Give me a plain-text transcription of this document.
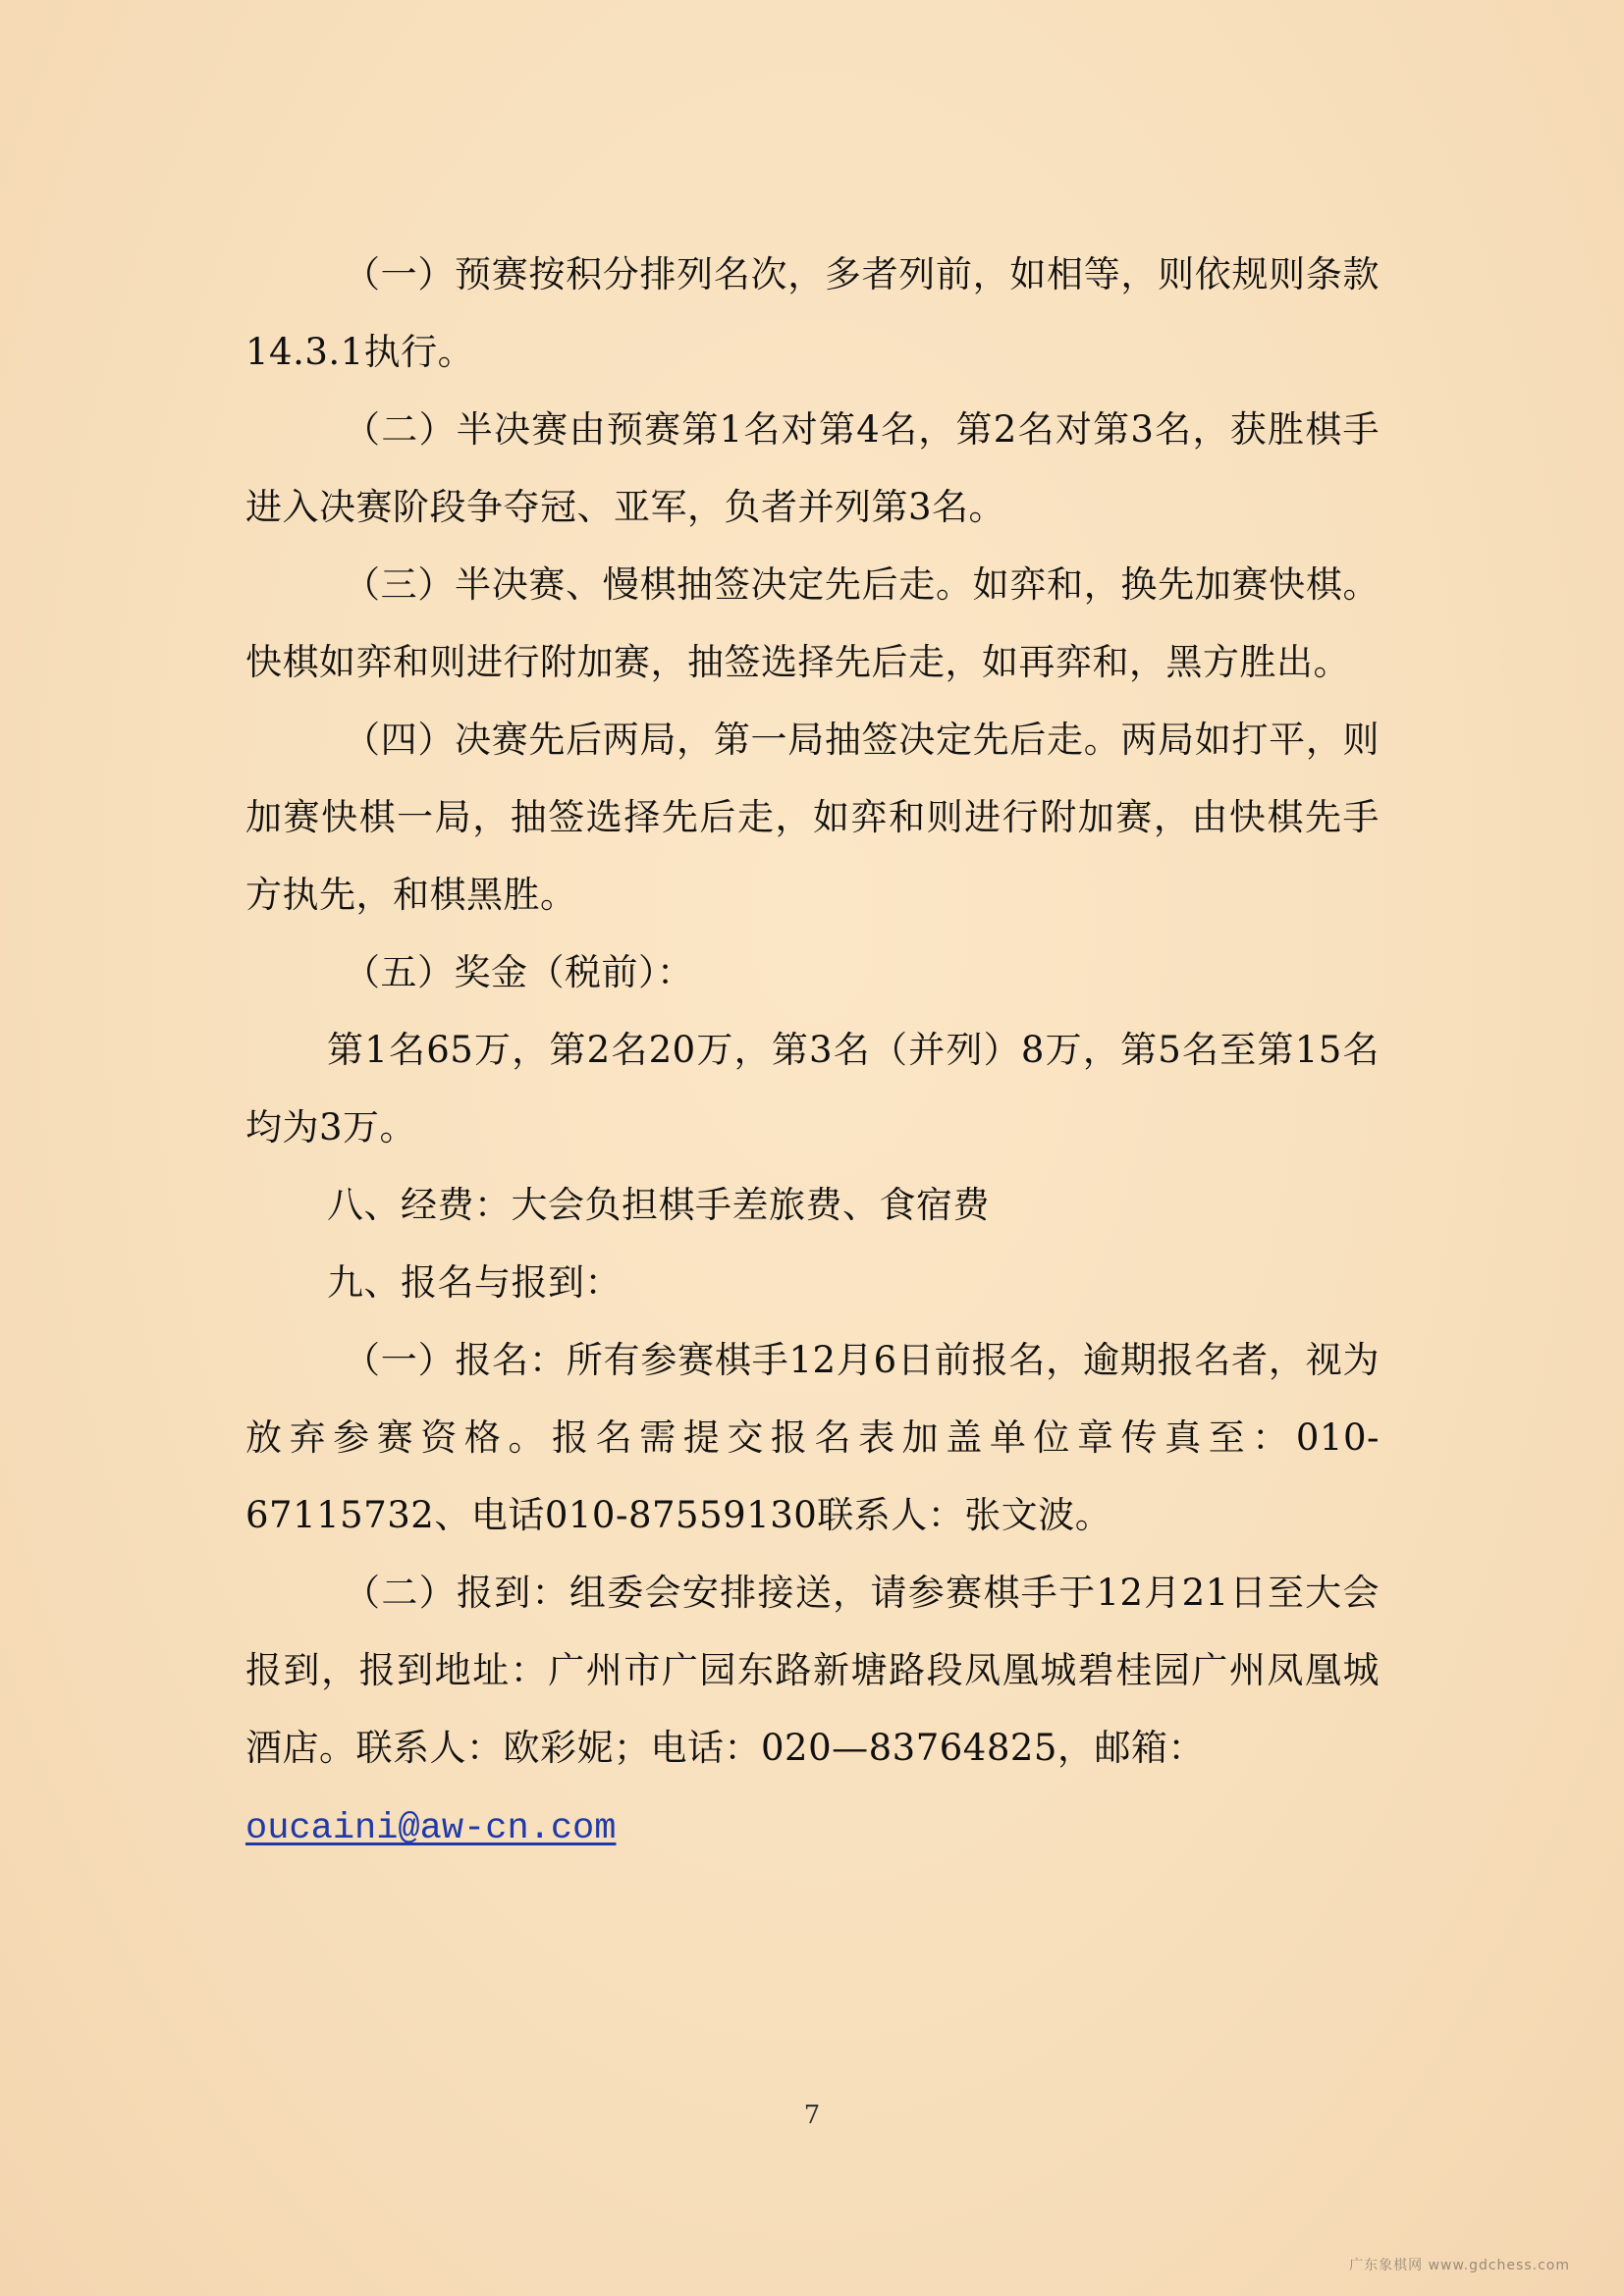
（一）预赛按积分排列名次，多者列前，如相等，则依规则条款14.3.1执行。

（二）半决赛由预赛第1名对第4名，第2名对第3名，获胜棋手进入决赛阶段争夺冠、亚军，负者并列第3名。

（三）半决赛、慢棋抽签决定先后走。如弈和，换先加赛快棋。快棋如弈和则进行附加赛，抽签选择先后走，如再弈和，黑方胜出。

（四）决赛先后两局，第一局抽签决定先后走。两局如打平，则加赛快棋一局，抽签选择先后走，如弈和则进行附加赛，由快棋先手方执先，和棋黑胜。

（五）奖金（税前）：

第1名65万，第2名20万，第3名（并列）8万，第5名至第15名均为3万。

八、经费：大会负担棋手差旅费、食宿费

九、报名与报到：

（一）报名：所有参赛棋手12月6日前报名，逾期报名者，视为放弃参赛资格。报名需提交报名表加盖单位章传真至：010-67115732、电话010-87559130联系人：张文波。

（二）报到：组委会安排接送，请参赛棋手于12月21日至大会报到，报到地址：广州市广园东路新塘路段凤凰城碧桂园广州凤凰城酒店。联系人：欧彩妮；电话：020—83764825，邮箱：

oucaini@aw-cn.com

7
广东象棋网 www.gdchess.com
